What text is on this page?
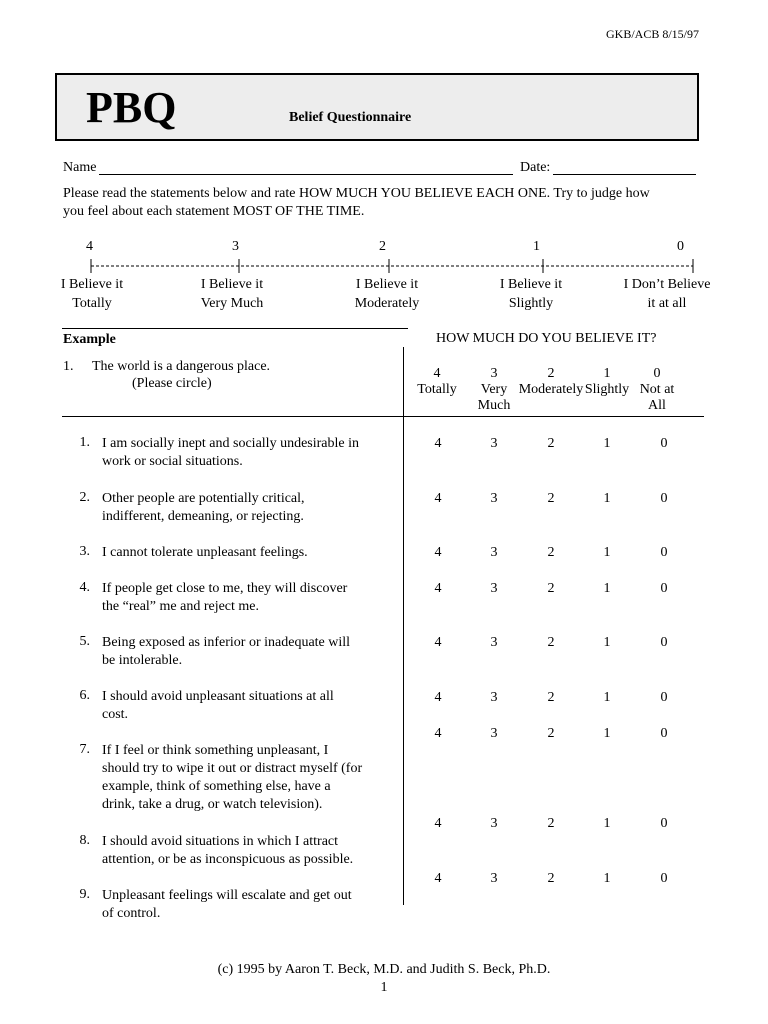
GKB/ACB 8/15/97
PBQ	Belief Questionnaire
Name	Date:
Please read the statements below and rate HOW MUCH YOU BELIEVE EACH ONE. Try to judge how
you feel about each statement MOST OF THE TIME.
4	3	2	1	0
I Believe it
Totally
I Believe it
Very Much
I Believe it
Moderately
I Believe it
Slightly
I Don’t Believe
it at all
Example
1. The world is a dangerous place.
(Please circle)
HOW MUCH DO YOU BELIEVE IT?
4
Totally
3
Very
Much
2
Moderately
1
Slightly
0
Not at
All
1. I am socially inept and socially undesirable in
work or social situations.
4	3	2	1	0
2. Other people are potentially critical,
indifferent, demeaning, or rejecting.
4	3	2	1	0
3. I cannot tolerate unpleasant feelings.	4	3	2	1	0
4. If people get close to me, they will discover
the “real” me and reject me.
4	3	2	1	0
5. Being exposed as inferior or inadequate will
be intolerable.
4	3	2	1	0
6. I should avoid unpleasant situations at all
cost.
4	3	2	1	0
7. If I feel or think something unpleasant, I
should try to wipe it out or distract myself (for
example, think of something else, have a
drink, take a drug, or watch television).
4	3	2	1	0
8. I should avoid situations in which I attract
attention, or be as inconspicuous as possible.
4	3	2	1	0
9. Unpleasant feelings will escalate and get out
of control.
4	3	2	1	0
(c) 1995 by Aaron T. Beck, M.D. and Judith S. Beck, Ph.D.
1
